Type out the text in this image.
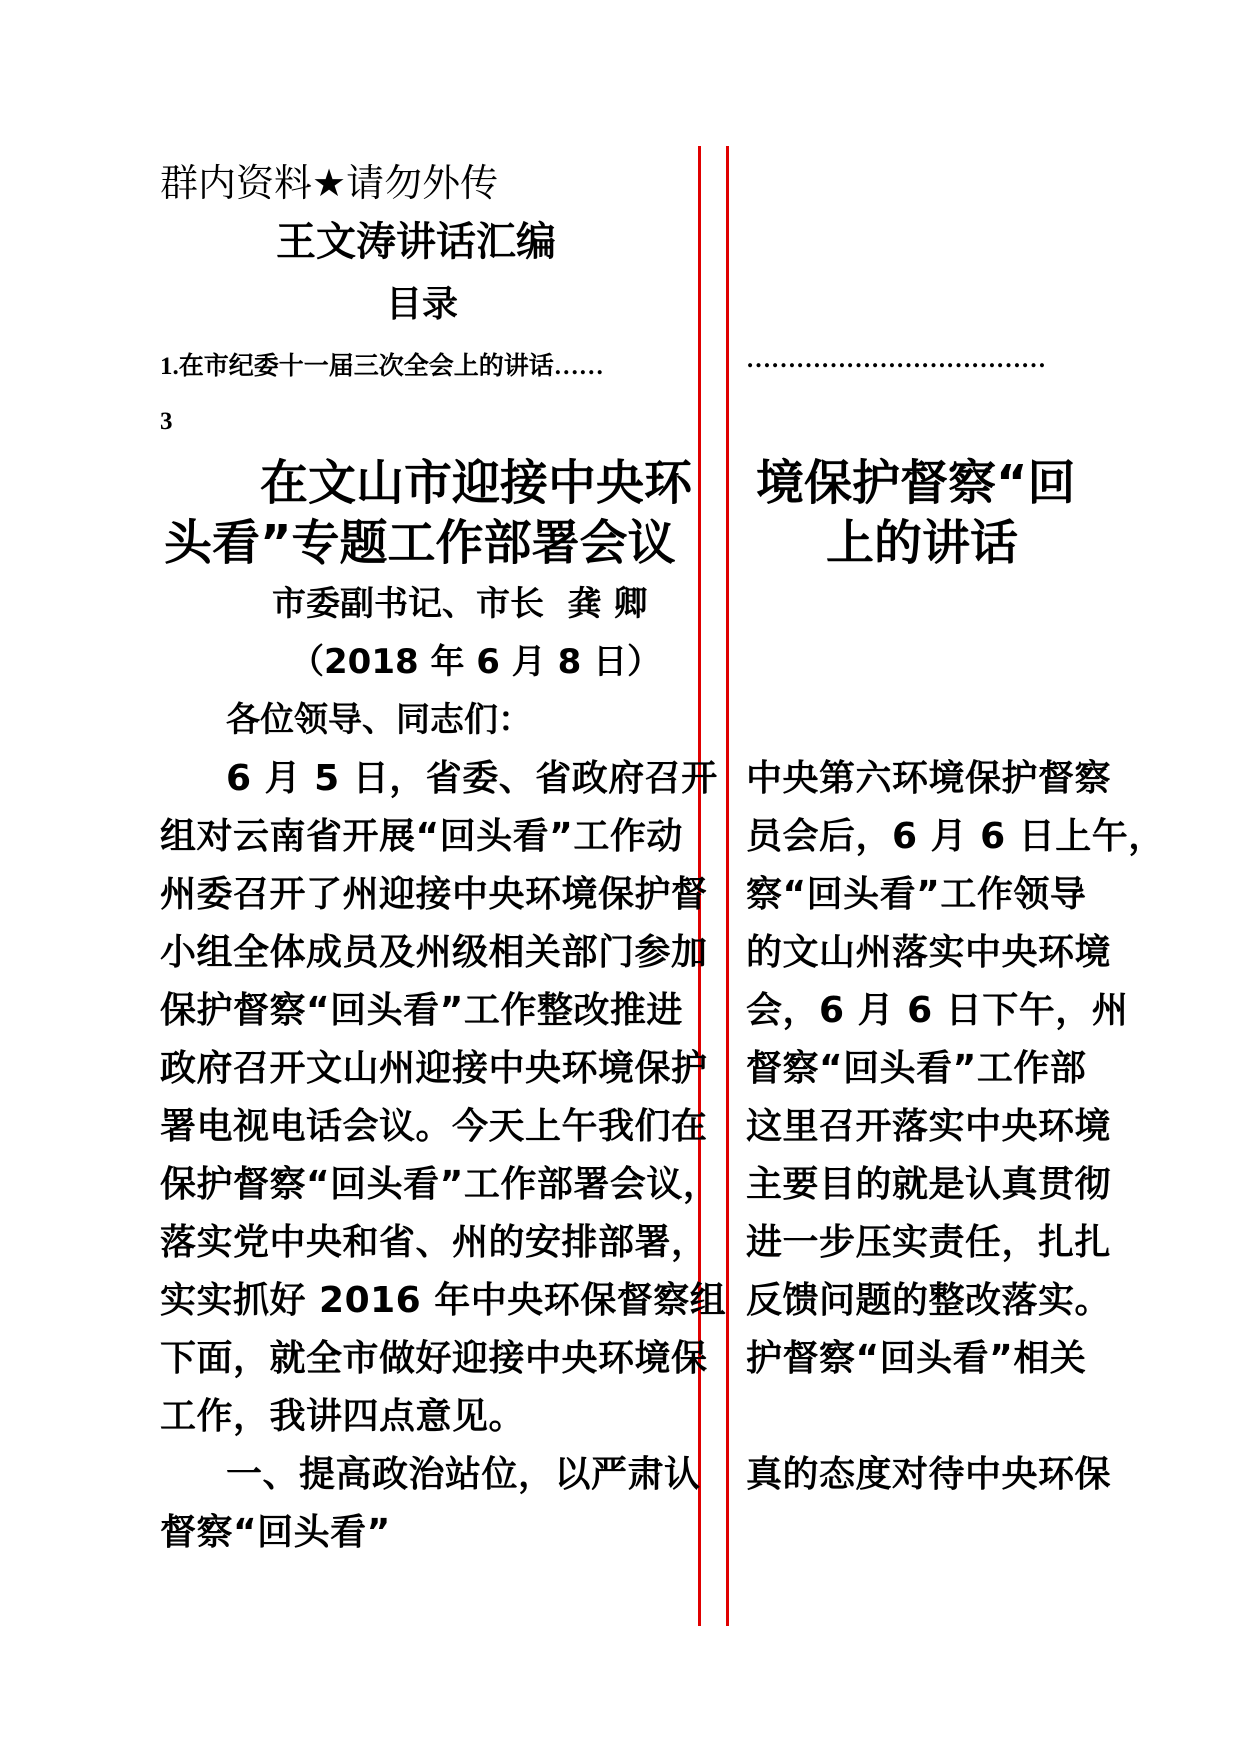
群内资料★请勿外传
王文涛讲话汇编
目录
1.在市纪委十一届三次全会上的讲话……	………………………………
3
在文山市迎接中央环 境保护督察“回
头看”专题工作部署会议	上的讲话
市委副书记、市长  龚 卿
（2018 年 6 月 8 日）
各位领导、同志们：
6 月 5 日，省委、省政府召开
组对云南省开展“回头看”工作动
州委召开了州迎接中央环境保护督
小组全体成员及州级相关部门参加
保护督察“回头看”工作整改推进
政府召开文山州迎接中央环境保护
署电视电话会议。今天上午我们在
保护督察“回头看”工作部署会议，
落实党中央和省、州的安排部署，
实实抓好 2016 年中央环保督察组
下面，就全市做好迎接中央环境保
工作，我讲四点意见。
一、提高政治站位，以严肃认
督察“回头看”
中央第六环境保护督察
员会后，6 月 6 日上午，
察“回头看”工作领导
的文山州落实中央环境
会，6 月 6 日下午，州
督察“回头看”工作部
这里召开落实中央环境
主要目的就是认真贯彻
进一步压实责任，扎扎
反馈问题的整改落实。
护督察“回头看”相关
真的态度对待中央环保
